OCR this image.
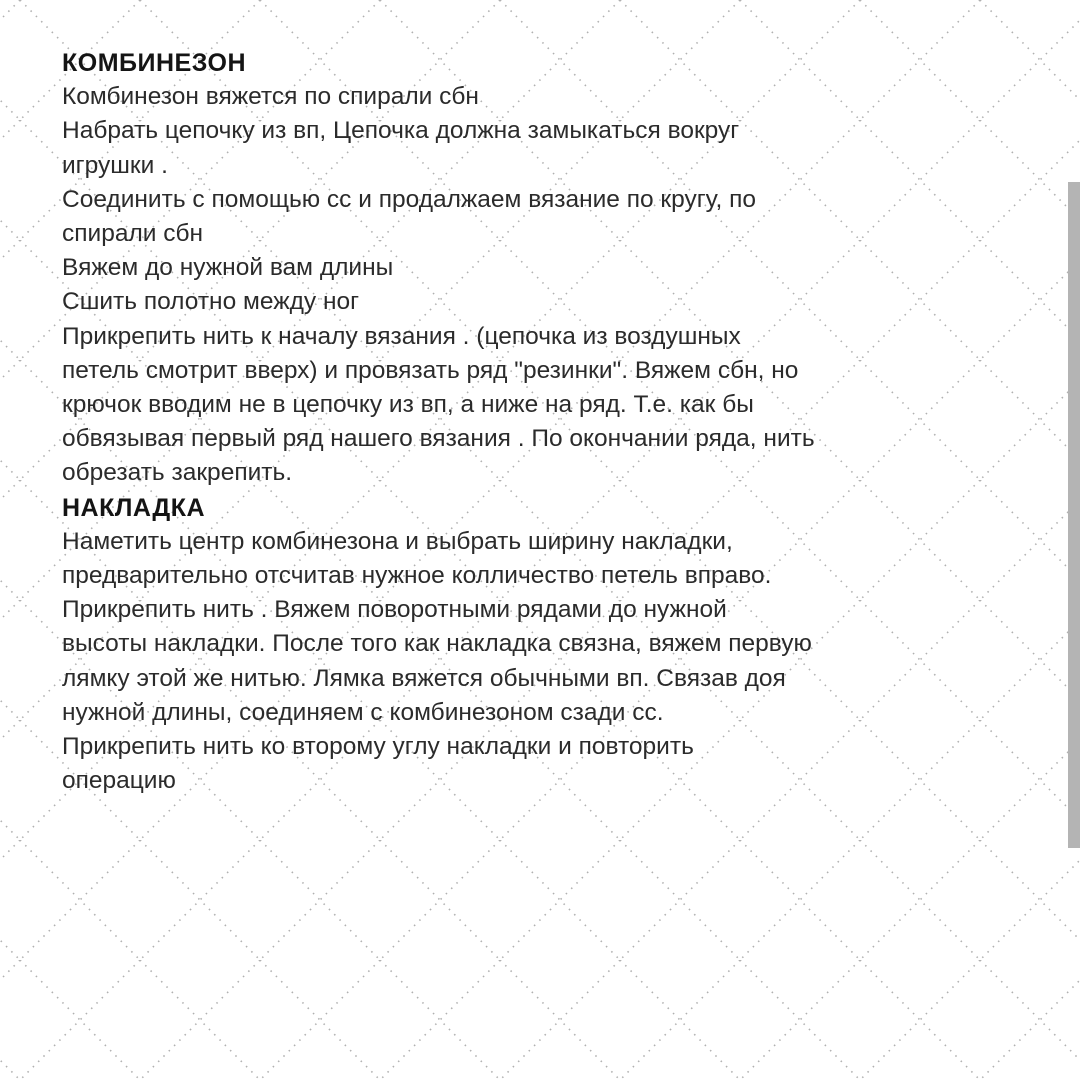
КОМБИНЕЗОН
Комбинезон вяжется по спирали сбн
Набрать цепочку из вп, Цепочка должна замыкаться вокруг
игрушки .
Соединить с помощью сс и продалжаем вязание по кругу, по
спирали сбн
Вяжем до нужной вам длины
Сшить полотно между ног
Прикрепить нить к началу вязания . (цепочка из воздушных
петель смотрит вверх) и провязать ряд "резинки". Вяжем сбн, но
крючок вводим не в цепочку из вп, а ниже на ряд. Т.е. как бы
обвязывая первый ряд нашего вязания . По окончании ряда, нить
обрезать закрепить.
НАКЛАДКА
Наметить центр комбинезона и выбрать ширину накладки,
предварительно отсчитав нужное колличество петель вправо.
Прикрепить нить . Вяжем поворотными рядами до нужной
высоты накладки. После того как накладка связна, вяжем первую
лямку этой же нитью. Лямка вяжется обычными вп. Связав доя
нужной длины, соединяем с комбинезоном сзади сс.
Прикрепить нить ко второму углу накладки и повторить
операцию
